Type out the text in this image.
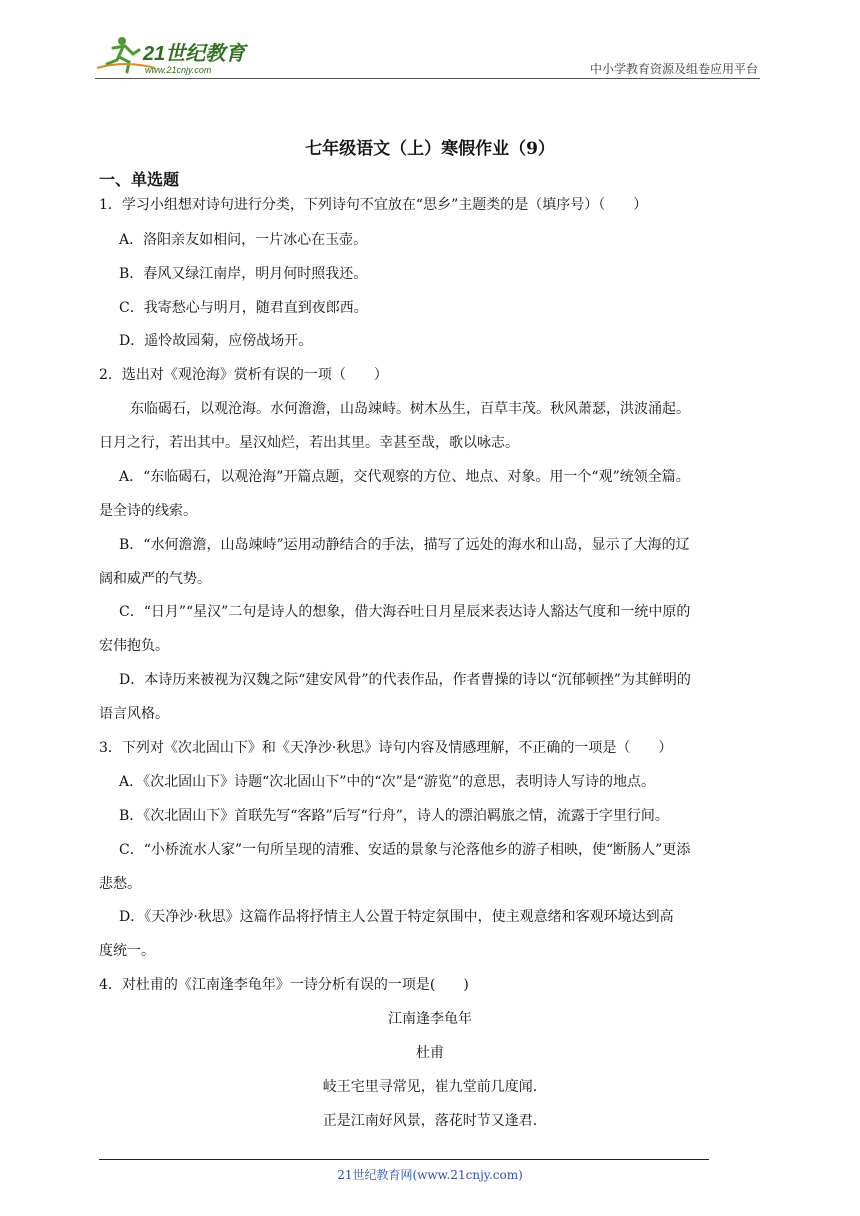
21世纪教育
www.21cnjy.com	中小学教育资源及组卷应用平台
七年级语文（上）寒假作业（9）
一、单选题
1．学习小组想对诗句进行分类，下列诗句不宜放在“思乡”主题类的是（填序号）（　　）
A．洛阳亲友如相问，一片冰心在玉壶。
B．春风又绿江南岸，明月何时照我还。
C．我寄愁心与明月，随君直到夜郎西。
D．遥怜故园菊，应傍战场开。
2．选出对《观沧海》赏析有误的一项（　　）
东临碣石，以观沧海。水何澹澹，山岛竦峙。树木丛生，百草丰茂。秋风萧瑟，洪波涌起。
日月之行，若出其中。星汉灿烂，若出其里。幸甚至哉，歌以咏志。
A．“东临碣石，以观沧海”开篇点题，交代观察的方位、地点、对象。用一个“观”统领全篇。
是全诗的线索。
B．“水何澹澹，山岛竦峙”运用动静结合的手法，描写了远处的海水和山岛，显示了大海的辽
阔和威严的气势。
C．“日月”“星汉”二句是诗人的想象，借大海吞吐日月星辰来表达诗人豁达气度和一统中原的
宏伟抱负。
D．本诗历来被视为汉魏之际“建安风骨”的代表作品，作者曹操的诗以“沉郁顿挫”为其鲜明的
语言风格。
3．下列对《次北固山下》和《天净沙·秋思》诗句内容及情感理解，不正确的一项是（　　）
A．《次北固山下》诗题“次北固山下”中的“次”是“游览”的意思，表明诗人写诗的地点。
B．《次北固山下》首联先写“客路”后写“行舟”，诗人的漂泊羁旅之情，流露于字里行间。
C．“小桥流水人家”一句所呈现的清雅、安适的景象与沦落他乡的游子相映，使“断肠人”更添
悲愁。
D．《天净沙·秋思》这篇作品将抒情主人公置于特定氛围中，使主观意绪和客观环境达到高
度统一。
4．对杜甫的《江南逢李龟年》一诗分析有误的一项是(　　)
江南逢李龟年
杜甫
岐王宅里寻常见，崔九堂前几度闻.
正是江南好风景，落花时节又逢君.
21世纪教育网(www.21cnjy.com)
